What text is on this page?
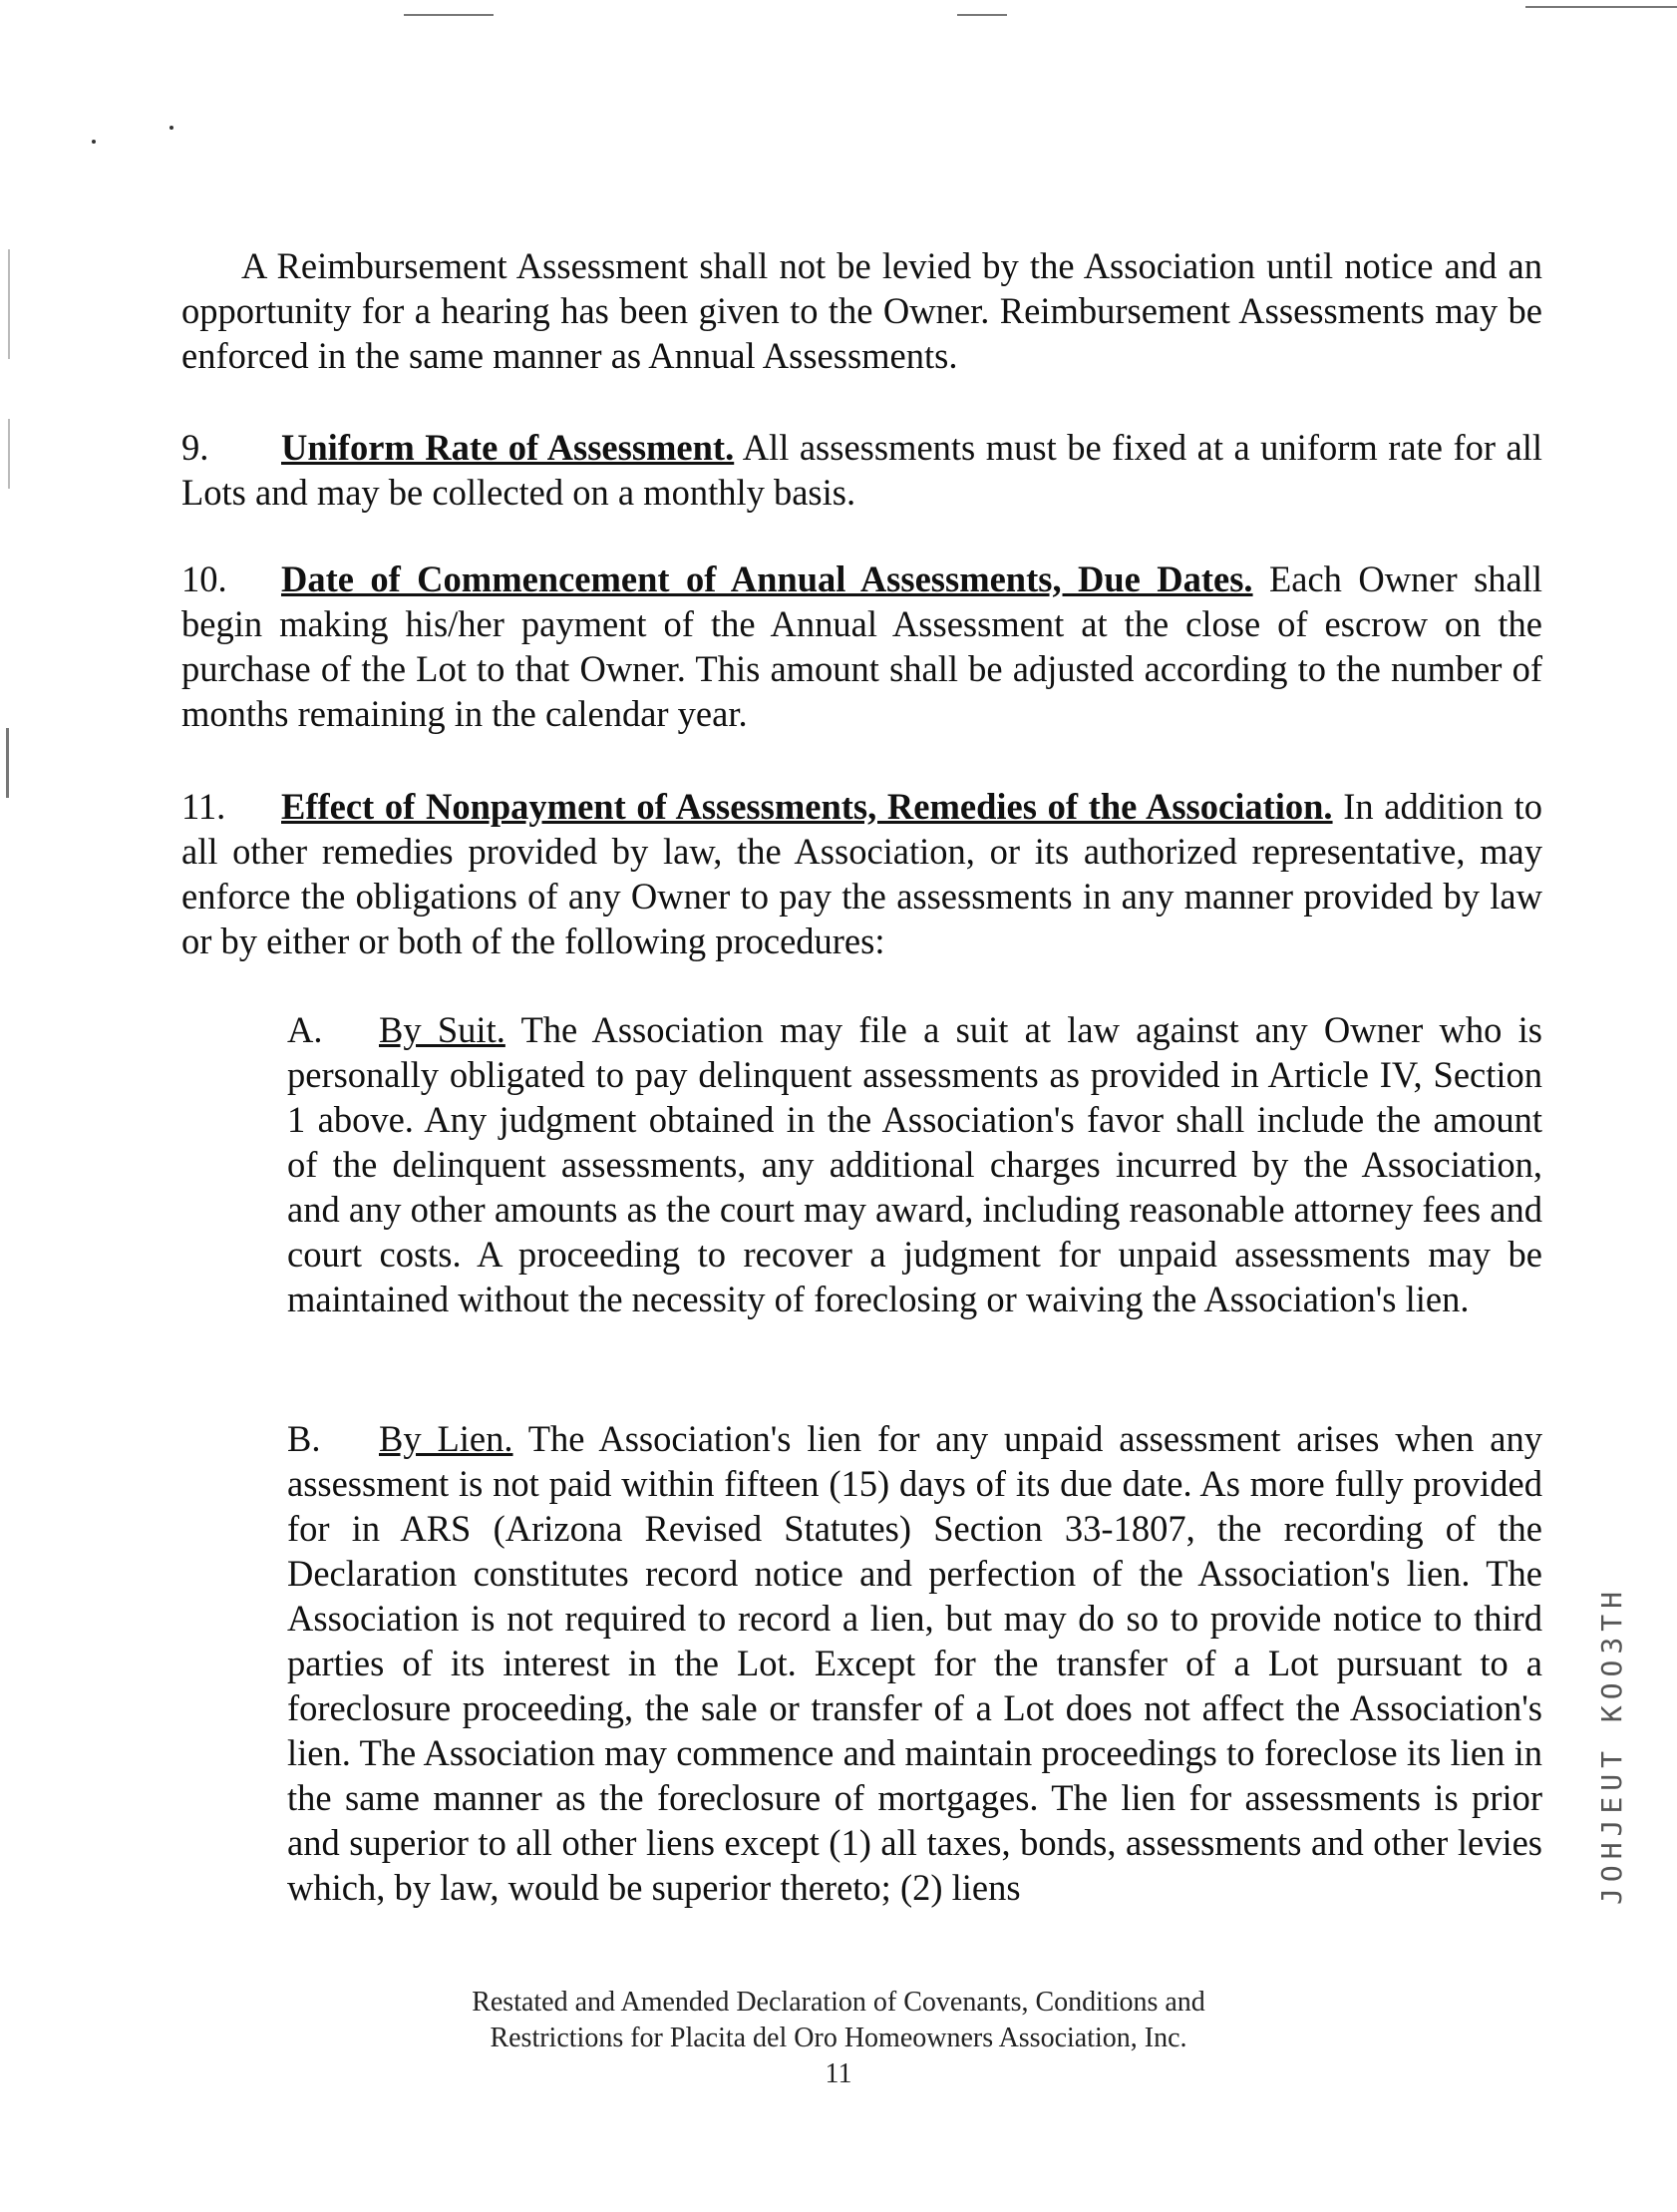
A Reimbursement Assessment shall not be levied by the Association until notice and an opportunity for a hearing has been given to the Owner. Reimbursement Assessments may be enforced in the same manner as Annual Assessments.

9. Uniform Rate of Assessment. All assessments must be fixed at a uniform rate for all Lots and may be collected on a monthly basis.

10. Date of Commencement of Annual Assessments, Due Dates. Each Owner shall begin making his/her payment of the Annual Assessment at the close of escrow on the purchase of the Lot to that Owner. This amount shall be adjusted according to the number of months remaining in the calendar year.

11. Effect of Nonpayment of Assessments, Remedies of the Association. In addition to all other remedies provided by law, the Association, or its authorized representative, may enforce the obligations of any Owner to pay the assessments in any manner provided by law or by either or both of the following procedures:

A. By Suit. The Association may file a suit at law against any Owner who is personally obligated to pay delinquent assessments as provided in Article IV, Section 1 above. Any judgment obtained in the Association's favor shall include the amount of the delinquent assessments, any additional charges incurred by the Association, and any other amounts as the court may award, including reasonable attorney fees and court costs. A proceeding to recover a judgment for unpaid assessments may be maintained without the necessity of foreclosing or waiving the Association's lien.

B. By Lien. The Association's lien for any unpaid assessment arises when any assessment is not paid within fifteen (15) days of its due date. As more fully provided for in ARS (Arizona Revised Statutes) Section 33-1807, the recording of the Declaration constitutes record notice and perfection of the Association's lien. The Association is not required to record a lien, but may do so to provide notice to third parties of its interest in the Lot. Except for the transfer of a Lot pursuant to a foreclosure proceeding, the sale or transfer of a Lot does not affect the Association's lien. The Association may commence and maintain proceedings to foreclose its lien in the same manner as the foreclosure of mortgages. The lien for assessments is prior and superior to all other liens except (1) all taxes, bonds, assessments and other levies which, by law, would be superior thereto; (2) liens	JOHJEUT KOO3TH
Restated and Amended Declaration of Covenants, Conditions and
Restrictions for Placita del Oro Homeowners Association, Inc.
11
